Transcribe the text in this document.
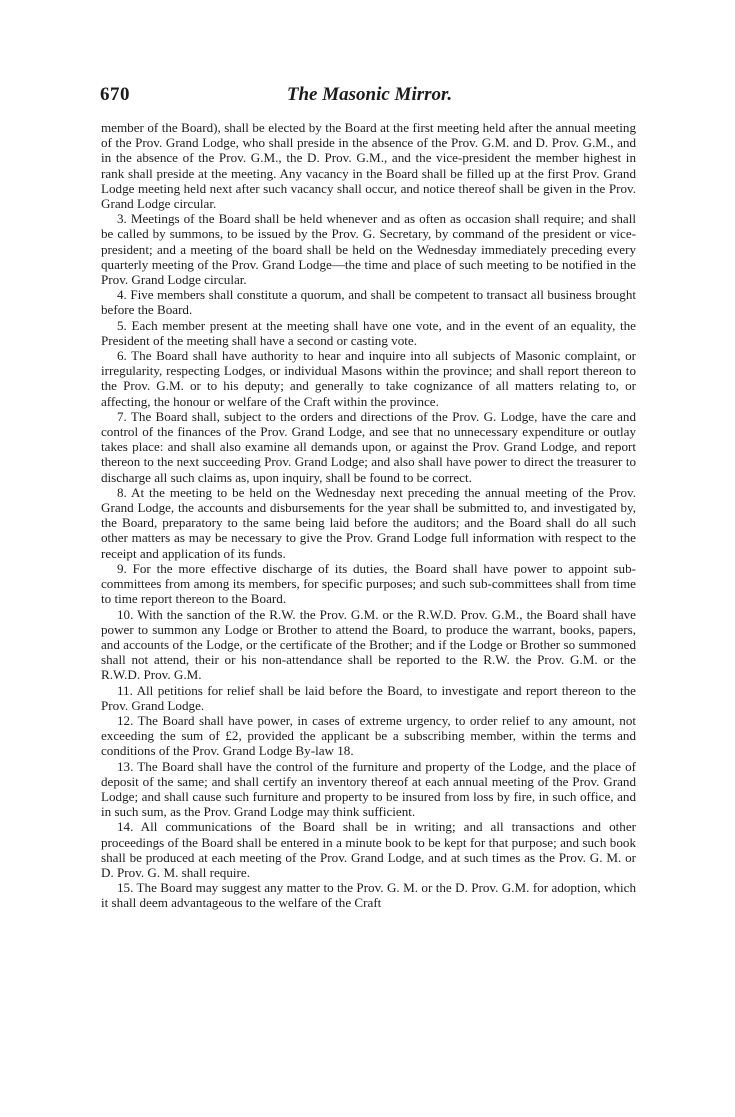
670	The Masonic Mirror.

member of the Board), shall be elected by the Board at the first meeting held after the annual meeting of the Prov. Grand Lodge, who shall preside in the absence of the Prov. G.M. and D. Prov. G.M., and in the absence of the Prov. G.M., the D. Prov. G.M., and the vice-president the member highest in rank shall preside at the meeting. Any vacancy in the Board shall be filled up at the first Prov. Grand Lodge meeting held next after such vacancy shall occur, and notice thereof shall be given in the Prov. Grand Lodge circular.

3. Meetings of the Board shall be held whenever and as often as occasion shall require; and shall be called by summons, to be issued by the Prov. G. Secretary, by command of the president or vice-president; and a meeting of the board shall be held on the Wednesday immediately preceding every quarterly meeting of the Prov. Grand Lodge—the time and place of such meeting to be notified in the Prov. Grand Lodge circular.

4. Five members shall constitute a quorum, and shall be competent to transact all business brought before the Board.

5. Each member present at the meeting shall have one vote, and in the event of an equality, the President of the meeting shall have a second or casting vote.

6. The Board shall have authority to hear and inquire into all subjects of Masonic complaint, or irregularity, respecting Lodges, or individual Masons within the province; and shall report thereon to the Prov. G.M. or to his deputy; and generally to take cognizance of all matters relating to, or affecting, the honour or welfare of the Craft within the province.

7. The Board shall, subject to the orders and directions of the Prov. G. Lodge, have the care and control of the finances of the Prov. Grand Lodge, and see that no unnecessary expenditure or outlay takes place: and shall also examine all demands upon, or against the Prov. Grand Lodge, and report thereon to the next succeeding Prov. Grand Lodge; and also shall have power to direct the treasurer to discharge all such claims as, upon inquiry, shall be found to be correct.

8. At the meeting to be held on the Wednesday next preceding the annual meeting of the Prov. Grand Lodge, the accounts and disbursements for the year shall be submitted to, and investigated by, the Board, preparatory to the same being laid before the auditors; and the Board shall do all such other matters as may be necessary to give the Prov. Grand Lodge full information with respect to the receipt and application of its funds.

9. For the more effective discharge of its duties, the Board shall have power to appoint sub-committees from among its members, for specific purposes; and such sub-committees shall from time to time report thereon to the Board.

10. With the sanction of the R.W. the Prov. G.M. or the R.W.D. Prov. G.M., the Board shall have power to summon any Lodge or Brother to attend the Board, to produce the warrant, books, papers, and accounts of the Lodge, or the certificate of the Brother; and if the Lodge or Brother so summoned shall not attend, their or his non-attendance shall be reported to the R.W. the Prov. G.M. or the R.W.D. Prov. G.M.

11. All petitions for relief shall be laid before the Board, to investigate and report thereon to the Prov. Grand Lodge.

12. The Board shall have power, in cases of extreme urgency, to order relief to any amount, not exceeding the sum of £2, provided the applicant be a subscribing member, within the terms and conditions of the Prov. Grand Lodge By-law 18.

13. The Board shall have the control of the furniture and property of the Lodge, and the place of deposit of the same; and shall certify an inventory thereof at each annual meeting of the Prov. Grand Lodge; and shall cause such furniture and property to be insured from loss by fire, in such office, and in such sum, as the Prov. Grand Lodge may think sufficient.

14. All communications of the Board shall be in writing; and all transactions and other proceedings of the Board shall be entered in a minute book to be kept for that purpose; and such book shall be produced at each meeting of the Prov. Grand Lodge, and at such times as the Prov. G. M. or D. Prov. G. M. shall require.

15. The Board may suggest any matter to the Prov. G. M. or the D. Prov. G.M. for adoption, which it shall deem advantageous to the welfare of the Craft
